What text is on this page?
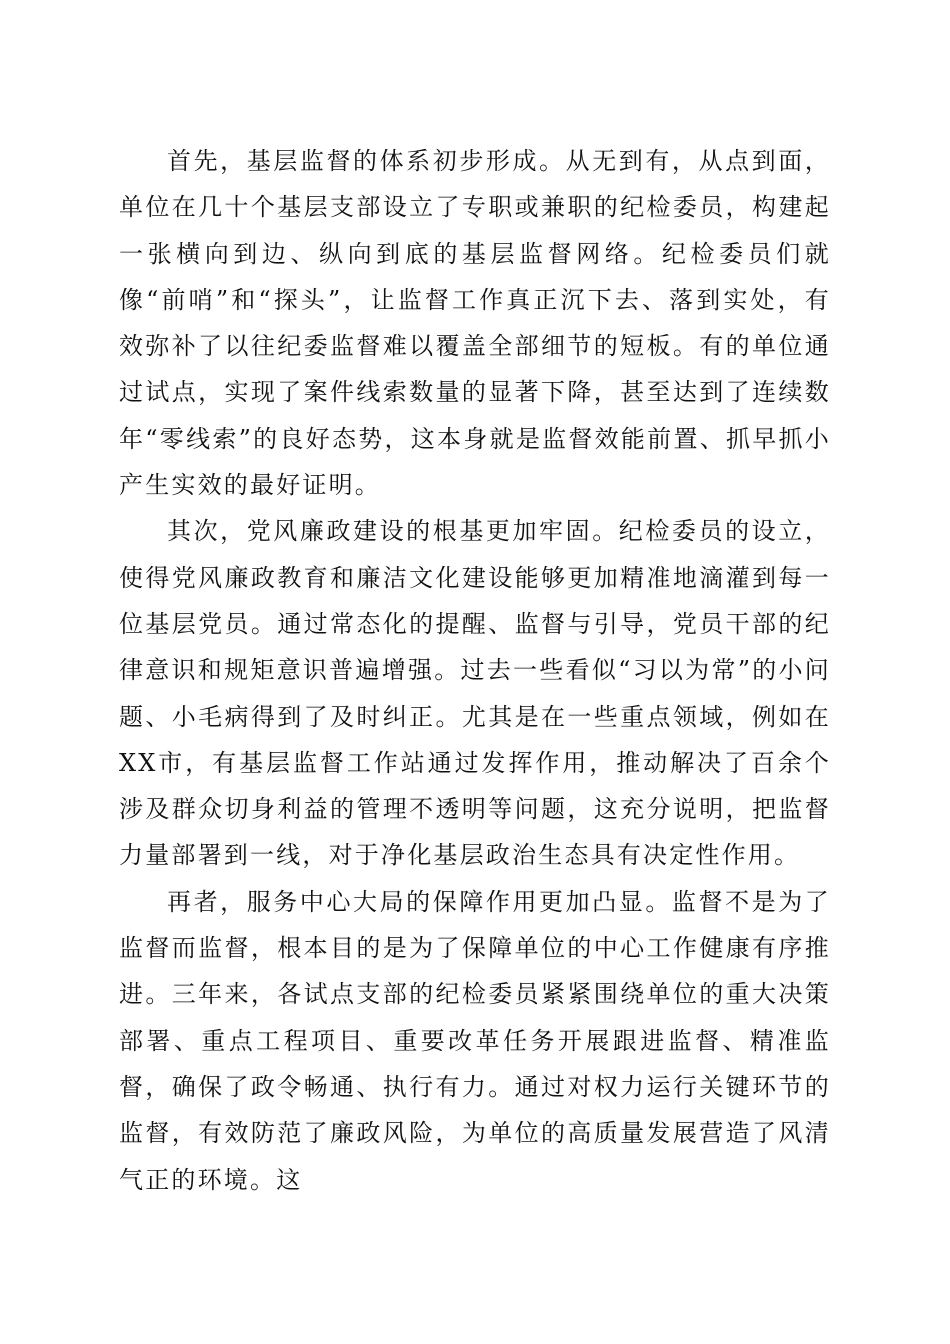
首先，基层监督的体系初步形成。从无到有，从点到面，单位在几十个基层支部设立了专职或兼职的纪检委员，构建起一张横向到边、纵向到底的基层监督网络。纪检委员们就像“前哨”和“探头”，让监督工作真正沉下去、落到实处，有效弥补了以往纪委监督难以覆盖全部细节的短板。有的单位通过试点，实现了案件线索数量的显著下降，甚至达到了连续数年“零线索”的良好态势，这本身就是监督效能前置、抓早抓小产生实效的最好证明。

其次，党风廉政建设的根基更加牢固。纪检委员的设立，使得党风廉政教育和廉洁文化建设能够更加精准地滴灌到每一位基层党员。通过常态化的提醒、监督与引导，党员干部的纪律意识和规矩意识普遍增强。过去一些看似“习以为常”的小问题、小毛病得到了及时纠正。尤其是在一些重点领域，例如在XX市，有基层监督工作站通过发挥作用，推动解决了百余个涉及群众切身利益的管理不透明等问题，这充分说明，把监督力量部署到一线，对于净化基层政治生态具有决定性作用。

再者，服务中心大局的保障作用更加凸显。监督不是为了监督而监督，根本目的是为了保障单位的中心工作健康有序推进。三年来，各试点支部的纪检委员紧紧围绕单位的重大决策部署、重点工程项目、重要改革任务开展跟进监督、精准监督，确保了政令畅通、执行有力。通过对权力运行关键环节的监督，有效防范了廉政风险，为单位的高质量发展营造了风清气正的环境。这
